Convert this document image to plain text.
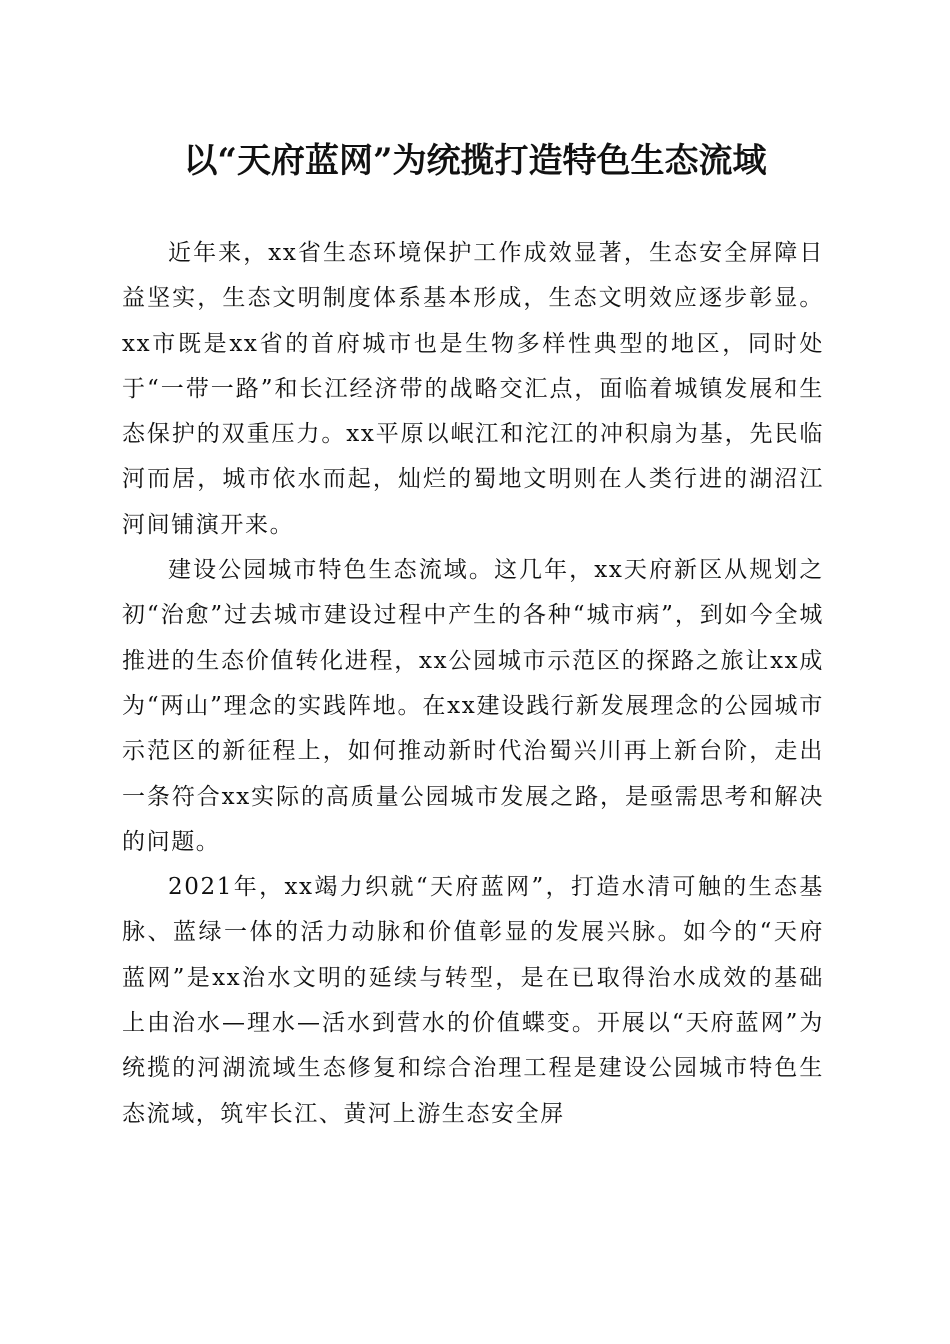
以“天府蓝网”为统揽打造特色生态流域

近年来，xx省生态环境保护工作成效显著，生态安全屏障日益坚实，生态文明制度体系基本形成，生态文明效应逐步彰显。xx市既是xx省的首府城市也是生物多样性典型的地区，同时处于“一带一路”和长江经济带的战略交汇点，面临着城镇发展和生态保护的双重压力。xx平原以岷江和沱江的冲积扇为基，先民临河而居，城市依水而起，灿烂的蜀地文明则在人类行进的湖沼江河间铺演开来。

建设公园城市特色生态流域。这几年，xx天府新区从规划之初“治愈”过去城市建设过程中产生的各种“城市病”，到如今全城推进的生态价值转化进程，xx公园城市示范区的探路之旅让xx成为“两山”理念的实践阵地。在xx建设践行新发展理念的公园城市示范区的新征程上，如何推动新时代治蜀兴川再上新台阶，走出一条符合xx实际的高质量公园城市发展之路，是亟需思考和解决的问题。

2021年，xx竭力织就“天府蓝网”，打造水清可触的生态基脉、蓝绿一体的活力动脉和价值彰显的发展兴脉。如今的“天府蓝网”是xx治水文明的延续与转型，是在已取得治水成效的基础上由治水—理水—活水到营水的价值蝶变。开展以“天府蓝网”为统揽的河湖流域生态修复和综合治理工程是建设公园城市特色生态流域，筑牢长江、黄河上游生态安全屏
